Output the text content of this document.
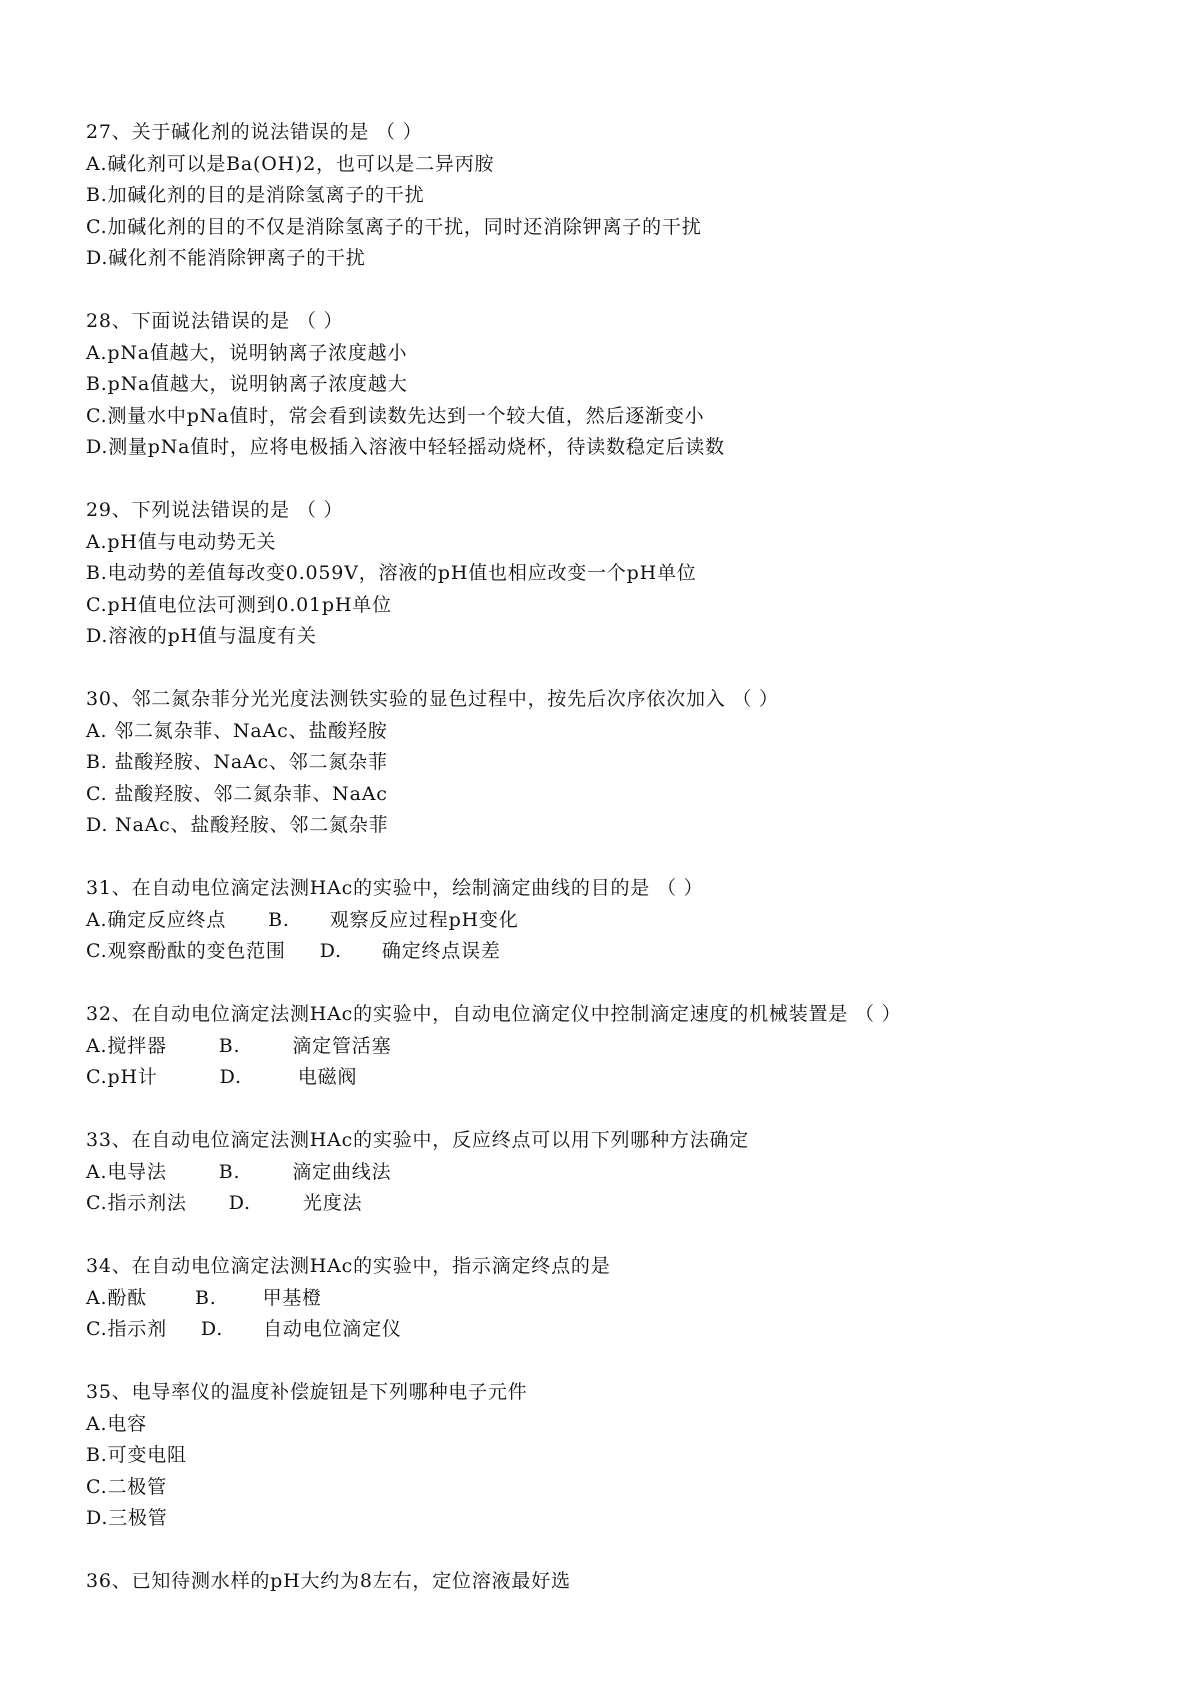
27、关于碱化剂的说法错误的是 （ ）
A.碱化剂可以是Ba(OH)2，也可以是二异丙胺
B.加碱化剂的目的是消除氢离子的干扰
C.加碱化剂的目的不仅是消除氢离子的干扰，同时还消除钾离子的干扰
D.碱化剂不能消除钾离子的干扰
28、下面说法错误的是 （ ）
A.pNa值越大，说明钠离子浓度越小
B.pNa值越大，说明钠离子浓度越大
C.测量水中pNa值时，常会看到读数先达到一个较大值，然后逐渐变小
D.测量pNa值时，应将电极插入溶液中轻轻摇动烧杯，待读数稳定后读数
29、下列说法错误的是 （ ）
A.pH值与电动势无关
B.电动势的差值每改变0.059V，溶液的pH值也相应改变一个pH单位
C.pH值电位法可测到0.01pH单位
D.溶液的pH值与温度有关
30、邻二氮杂菲分光光度法测铁实验的显色过程中，按先后次序依次加入 （ ）
A. 邻二氮杂菲、NaAc、盐酸羟胺
B. 盐酸羟胺、NaAc、邻二氮杂菲
C. 盐酸羟胺、邻二氮杂菲、NaAc
D. NaAc、盐酸羟胺、邻二氮杂菲
31、在自动电位滴定法测HAc的实验中，绘制滴定曲线的目的是 （ ）
A.确定反应终点 B. 观察反应过程pH变化
C.观察酚酞的变色范围 D. 确定终点误差
32、在自动电位滴定法测HAc的实验中，自动电位滴定仪中控制滴定速度的机械装置是 （ ）
A.搅拌器	B.	滴定管活塞
C.pH计	D.	电磁阀
33、在自动电位滴定法测HAc的实验中，反应终点可以用下列哪种方法确定
A.电导法	B.	滴定曲线法
C.指示剂法 D.	光度法
34、在自动电位滴定法测HAc的实验中，指示滴定终点的是
A.酚酞	B. 甲基橙
C.指示剂 D. 自动电位滴定仪
35、电导率仪的温度补偿旋钮是下列哪种电子元件
A.电容
B.可变电阻
C.二极管
D.三极管
36、已知待测水样的pH大约为8左右，定位溶液最好选
